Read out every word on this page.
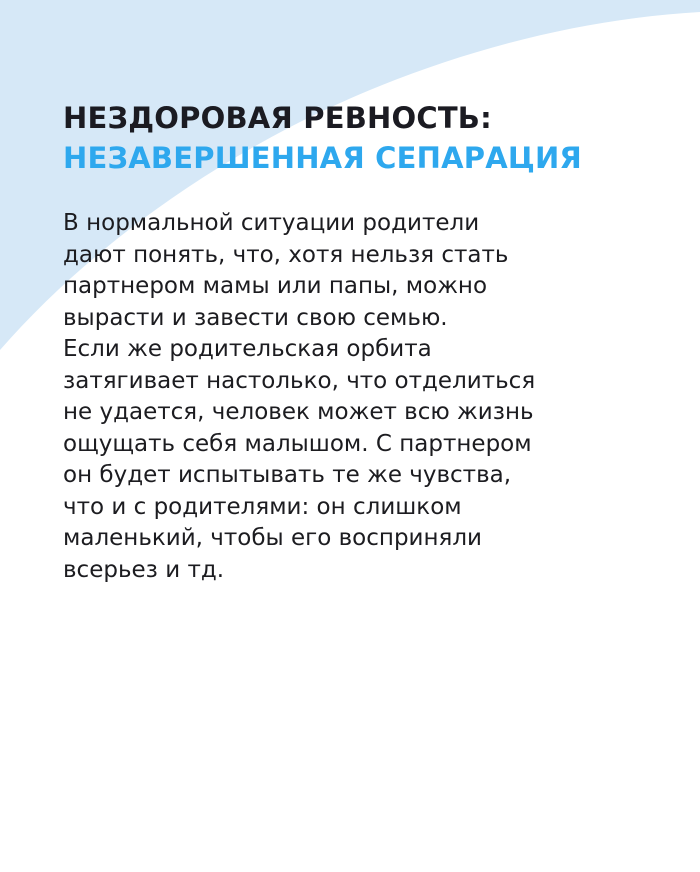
НЕЗДОРОВАЯ РЕВНОСТЬ:
НЕЗАВЕРШЕННАЯ СЕПАРАЦИЯ

В нормальной ситуации родители
дают понять, что, хотя нельзя стать
партнером мамы или папы, можно
вырасти и завести свою семью.
Если же родительская орбита
затягивает настолько, что отделиться
не удается, человек может всю жизнь
ощущать себя малышом. С партнером
он будет испытывать те же чувства,
что и с родителями: он слишком
маленький, чтобы его восприняли
всерьез и тд.
